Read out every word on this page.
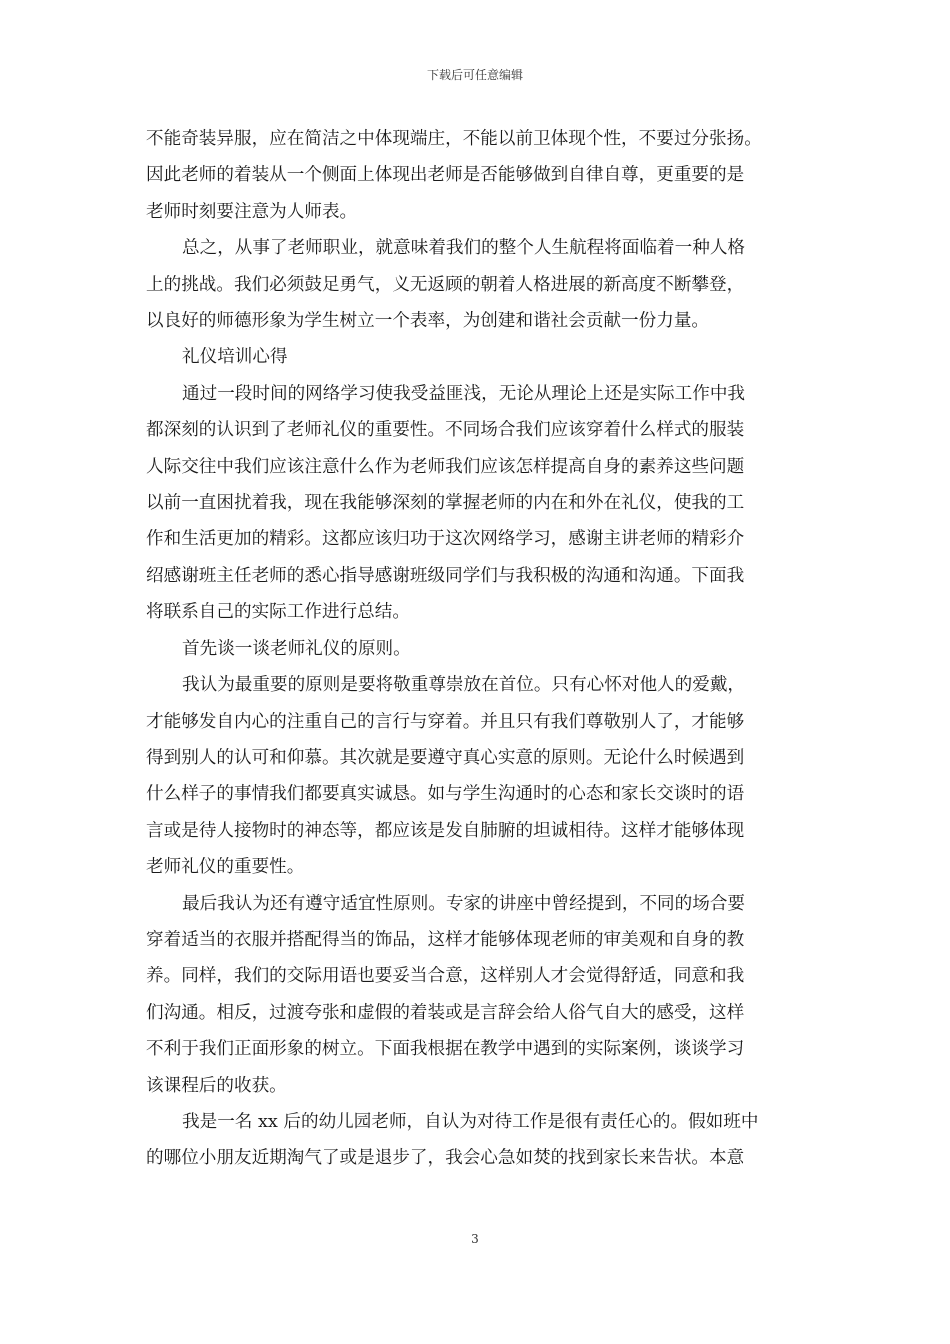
下载后可任意编辑
不能奇装异服，应在简洁之中体现端庄，不能以前卫体现个性，不要过分张扬。
因此老师的着装从一个侧面上体现出老师是否能够做到自律自尊，更重要的是
老师时刻要注意为人师表。
总之，从事了老师职业，就意味着我们的整个人生航程将面临着一种人格
上的挑战。我们必须鼓足勇气，义无返顾的朝着人格进展的新高度不断攀登，
以良好的师德形象为学生树立一个表率，为创建和谐社会贡献一份力量。
礼仪培训心得
通过一段时间的网络学习使我受益匪浅，无论从理论上还是实际工作中我
都深刻的认识到了老师礼仪的重要性。不同场合我们应该穿着什么样式的服装
人际交往中我们应该注意什么作为老师我们应该怎样提高自身的素养这些问题
以前一直困扰着我，现在我能够深刻的掌握老师的内在和外在礼仪，使我的工
作和生活更加的精彩。这都应该归功于这次网络学习，感谢主讲老师的精彩介
绍感谢班主任老师的悉心指导感谢班级同学们与我积极的沟通和沟通。下面我
将联系自己的实际工作进行总结。
首先谈一谈老师礼仪的原则。
我认为最重要的原则是要将敬重尊崇放在首位。只有心怀对他人的爱戴，
才能够发自内心的注重自己的言行与穿着。并且只有我们尊敬别人了，才能够
得到别人的认可和仰慕。其次就是要遵守真心实意的原则。无论什么时候遇到
什么样子的事情我们都要真实诚恳。如与学生沟通时的心态和家长交谈时的语
言或是待人接物时的神态等，都应该是发自肺腑的坦诚相待。这样才能够体现
老师礼仪的重要性。
最后我认为还有遵守适宜性原则。专家的讲座中曾经提到，不同的场合要
穿着适当的衣服并搭配得当的饰品，这样才能够体现老师的审美观和自身的教
养。同样，我们的交际用语也要妥当合意，这样别人才会觉得舒适，同意和我
们沟通。相反，过渡夸张和虚假的着装或是言辞会给人俗气自大的感受，这样
不利于我们正面形象的树立。下面我根据在教学中遇到的实际案例，谈谈学习
该课程后的收获。
我是一名 xx 后的幼儿园老师，自认为对待工作是很有责任心的。假如班中
的哪位小朋友近期淘气了或是退步了，我会心急如焚的找到家长来告状。本意
3
